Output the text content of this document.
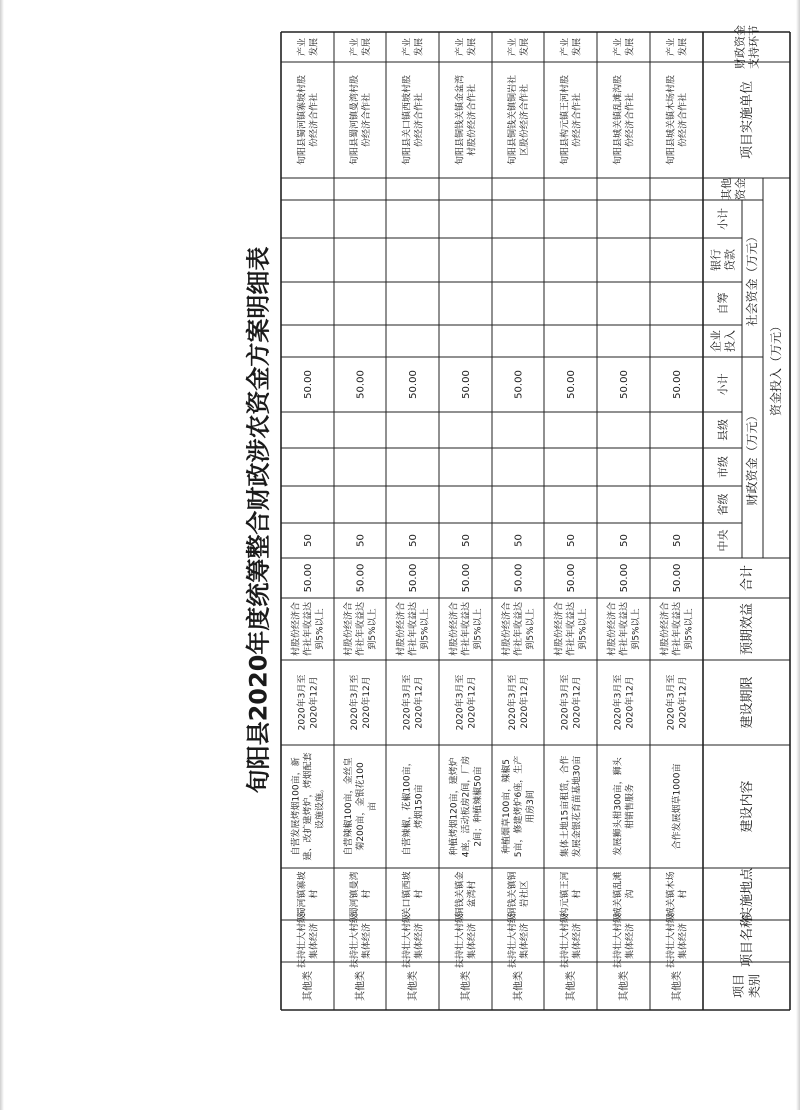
旬阳县2020年度统筹整合财政涉农资金方案明细表
项目 类别
项目名称
实施地点
建设内容
建设期限
预期效益
合计
资金投入（万元）
财政资金（万元）
社会资金（万元）
其他资金
中央
省级
市级
县级
小计
企业投入
自筹
银行贷款
小计
项目实施单位
财政资金支持环节
其他类
扶持壮大村级 集体经济
城关镇木场 村
合作发展烟草1000亩
2020年3月至 2020年12月
村股份经济合 作社年收益达 到5%以上
50.00
50
50.00
旬阳县城关镇木场村股 份经济合作社
产业 发展
其他类
扶持壮大村级 集体经济
城关镇乱滩 沟
发展狮头柑300亩，狮头 柑销售服务
2020年3月至 2020年12月
村股份经济合 作社年收益达 到5%以上
50.00
50
50.00
旬阳县城关镇乱滩沟股 份经济合作社
产业 发展
其他类
扶持壮大村级 集体经济
构元镇王河 村
集体土地15亩租赁，合作 发展金银花育苗基地30亩
2020年3月至 2020年12月
村股份经济合 作社年收益达 到5%以上
50.00
50
50.00
旬阳县构元镇王河村股 份经济合作社
产业 发展
其他类
扶持壮大村级 集体经济
铜钱关镇铜 岩社区
种植烟草100亩，辣椒5 5亩，修建烤炉6座，生产 用房3间
2020年3月至 2020年12月
村股份经济合 作社年收益达 到5%以上
50.00
50
50.00
旬阳县铜钱关镇铜岩社 区股份经济合作社
产业 发展
其他类
扶持壮大村级 集体经济
铜钱关镇金 盆湾村
种植烤烟120亩，建烤炉 4座，活动板房2间，厂房 2间；种植辣椒50亩
2020年3月至 2020年12月
村股份经济合 作社年收益达 到5%以上
50.00
50
50.00
旬阳县铜钱关镇金盆湾 村股份经济合作社
产业 发展
其他类
扶持壮大村级 集体经济
关口镇西坡 村
自营辣椒，花椒100亩， 烤烟150亩
2020年3月至 2020年12月
村股份经济合 作社年收益达 到5%以上
50.00
50
50.00
旬阳县关口镇西坡村股 份经济合作社
产业 发展
其他类
扶持壮大村级 集体经济
蜀河镇曼湾 村
自营辣椒100亩，金丝皇 菊200亩，金银花100 亩
2020年3月至 2020年12月
村股份经济合 作社年收益达 到5%以上
50.00
50
50.00
旬阳县蜀河镇曼湾村股 份经济合作社
产业 发展
其他类
扶持壮大村级 集体经济
蜀河镇寨坡 村
自营发展烤烟100亩，新 建、改扩建烤炉，烤烟配套 设施设施。
2020年3月至 2020年12月
村股份经济合 作社年收益达 到5%以上
50.00
50
50.00
旬阳县蜀河镇寨坡村股 份经济合作社
产业 发展
